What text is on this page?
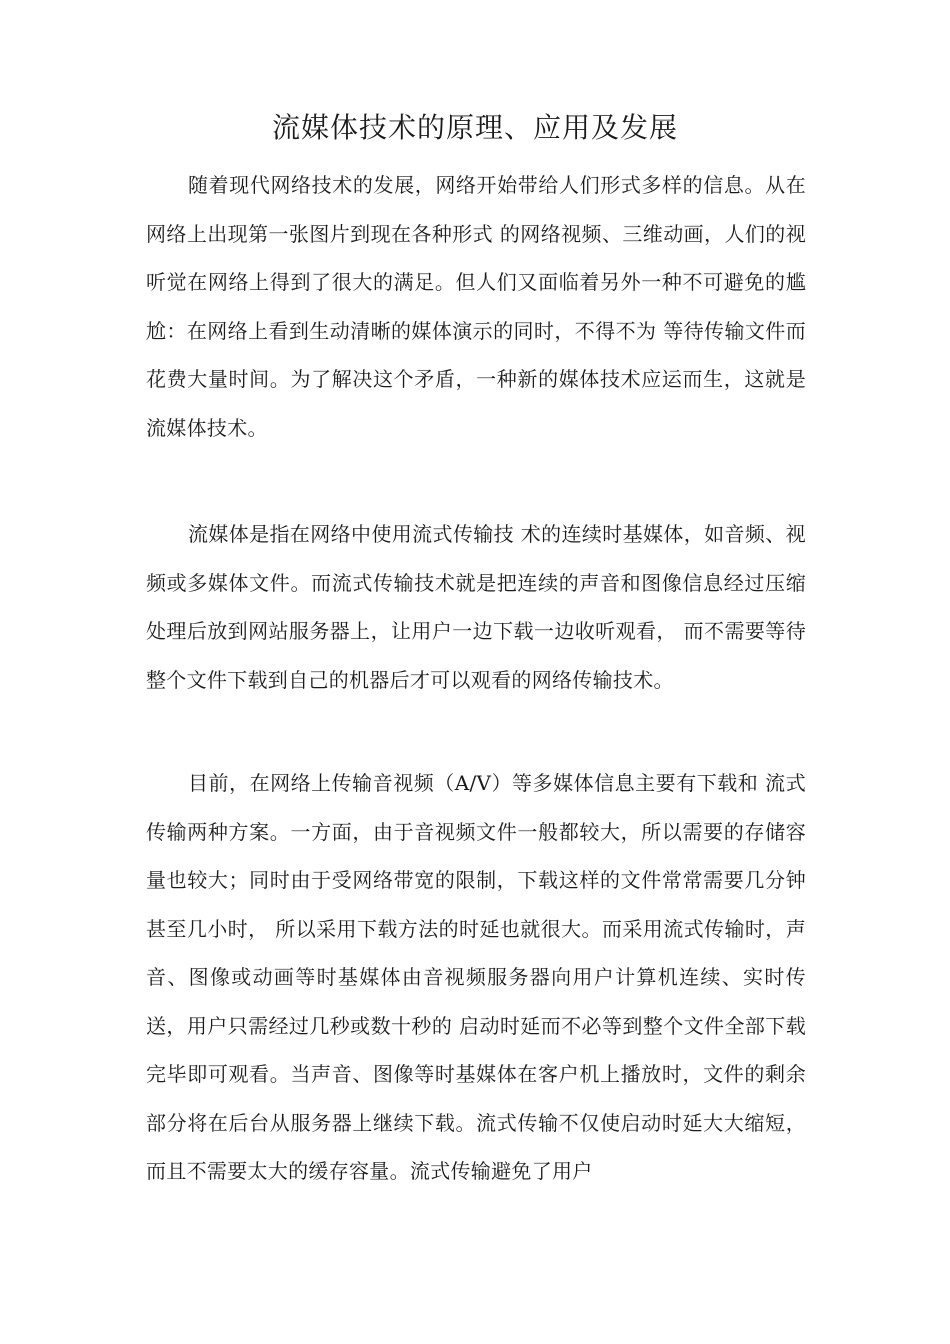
流媒体技术的原理、应用及发展

随着现代网络技术的发展，网络开始带给人们形式多样的信息。从在网络上出现第一张图片到现在各种形式 的网络视频、三维动画，人们的视听觉在网络上得到了很大的满足。但人们又面临着另外一种不可避免的尴尬：在网络上看到生动清晰的媒体演示的同时，不得不为 等待传输文件而花费大量时间。为了解决这个矛盾，一种新的媒体技术应运而生，这就是流媒体技术。

流媒体是指在网络中使用流式传输技 术的连续时基媒体，如音频、视频或多媒体文件。而流式传输技术就是把连续的声音和图像信息经过压缩处理后放到网站服务器上，让用户一边下载一边收听观看， 而不需要等待整个文件下载到自己的机器后才可以观看的网络传输技术。

目前，在网络上传输音视频（A/V）等多媒体信息主要有下载和 流式传输两种方案。一方面，由于音视频文件一般都较大，所以需要的存储容量也较大；同时由于受网络带宽的限制，下载这样的文件常常需要几分钟甚至几小时， 所以采用下载方法的时延也就很大。而采用流式传输时，声音、图像或动画等时基媒体由音视频服务器向用户计算机连续、实时传送，用户只需经过几秒或数十秒的 启动时延而不必等到整个文件全部下载完毕即可观看。当声音、图像等时基媒体在客户机上播放时，文件的剩余部分将在后台从服务器上继续下载。流式传输不仅使启动时延大大缩短，而且不需要太大的缓存容量。流式传输避免了用户
